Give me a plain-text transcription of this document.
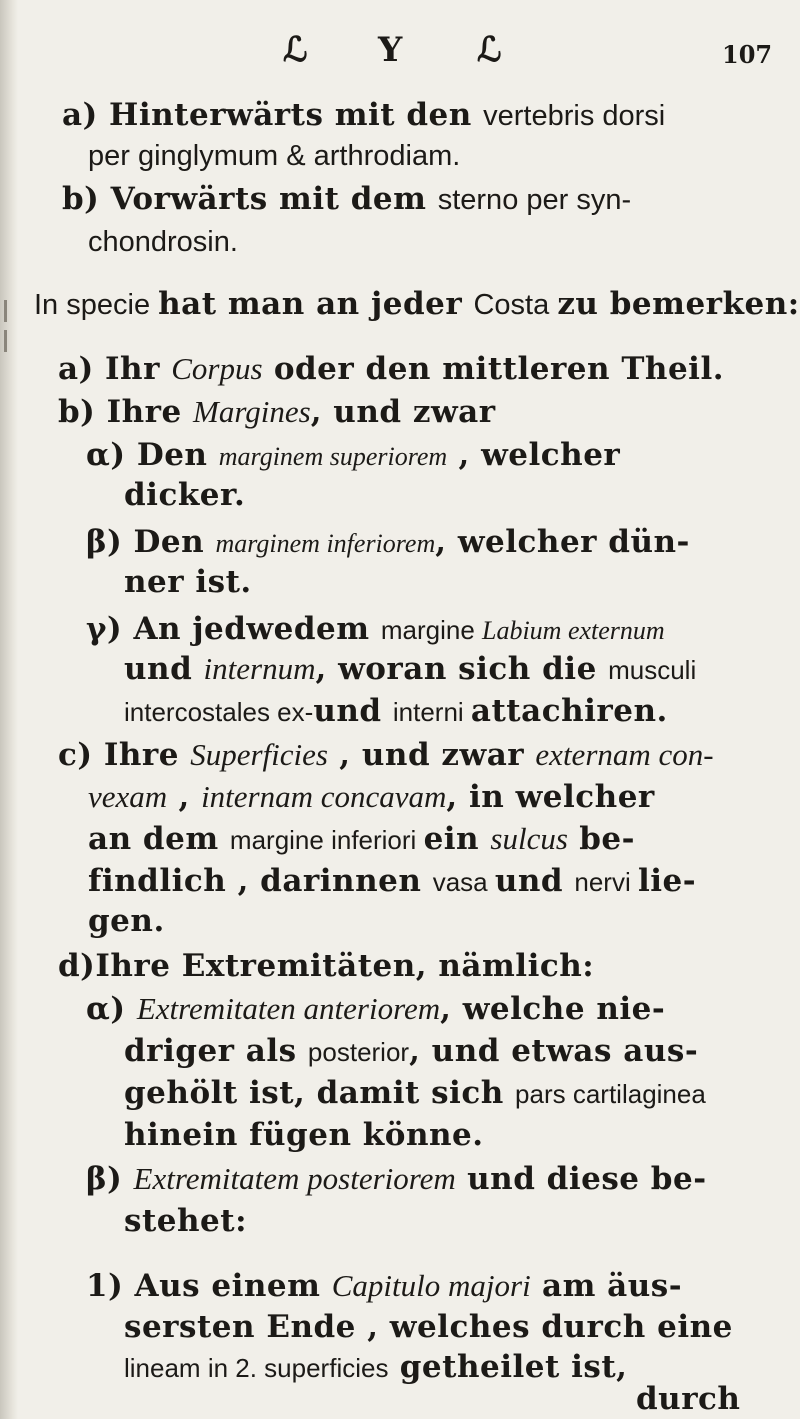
ℒ Y ℒ	107
a) Hinterwärts mit den vertebris dorsi
per ginglymum & arthrodiam.
b) Vorwärts mit dem sterno per syn-
chondrosin.
In specie hat man an jeder Costa zu bemerken:
a) Ihr Corpus oder den mittleren Theil.
b) Ihre Margines, und zwar
α) Den marginem superiorem , welcher
dicker.
β) Den marginem inferiorem, welcher dün-
ner ist.
γ) An jedwedem margine Labium externum
und internum, woran sich die musculi
intercostales ex-und interni attachiren.
c) Ihre Superficies , und zwar externam con-
vexam , internam concavam, in welcher
an dem margine inferiori ein sulcus be-
findlich , darinnen vasa und nervi lie-
gen.
d)Ihre Extremitäten, nämlich:
α) Extremitaten anteriorem, welche nie-
driger als posterior, und etwas aus-
gehölt ist, damit sich pars cartilaginea
hinein fügen könne.
β) Extremitatem posteriorem und diese be-
stehet:
1) Aus einem Capitulo majori am äus-
sersten Ende , welches durch eine
lineam in 2. superficies getheilet ist,
durch
